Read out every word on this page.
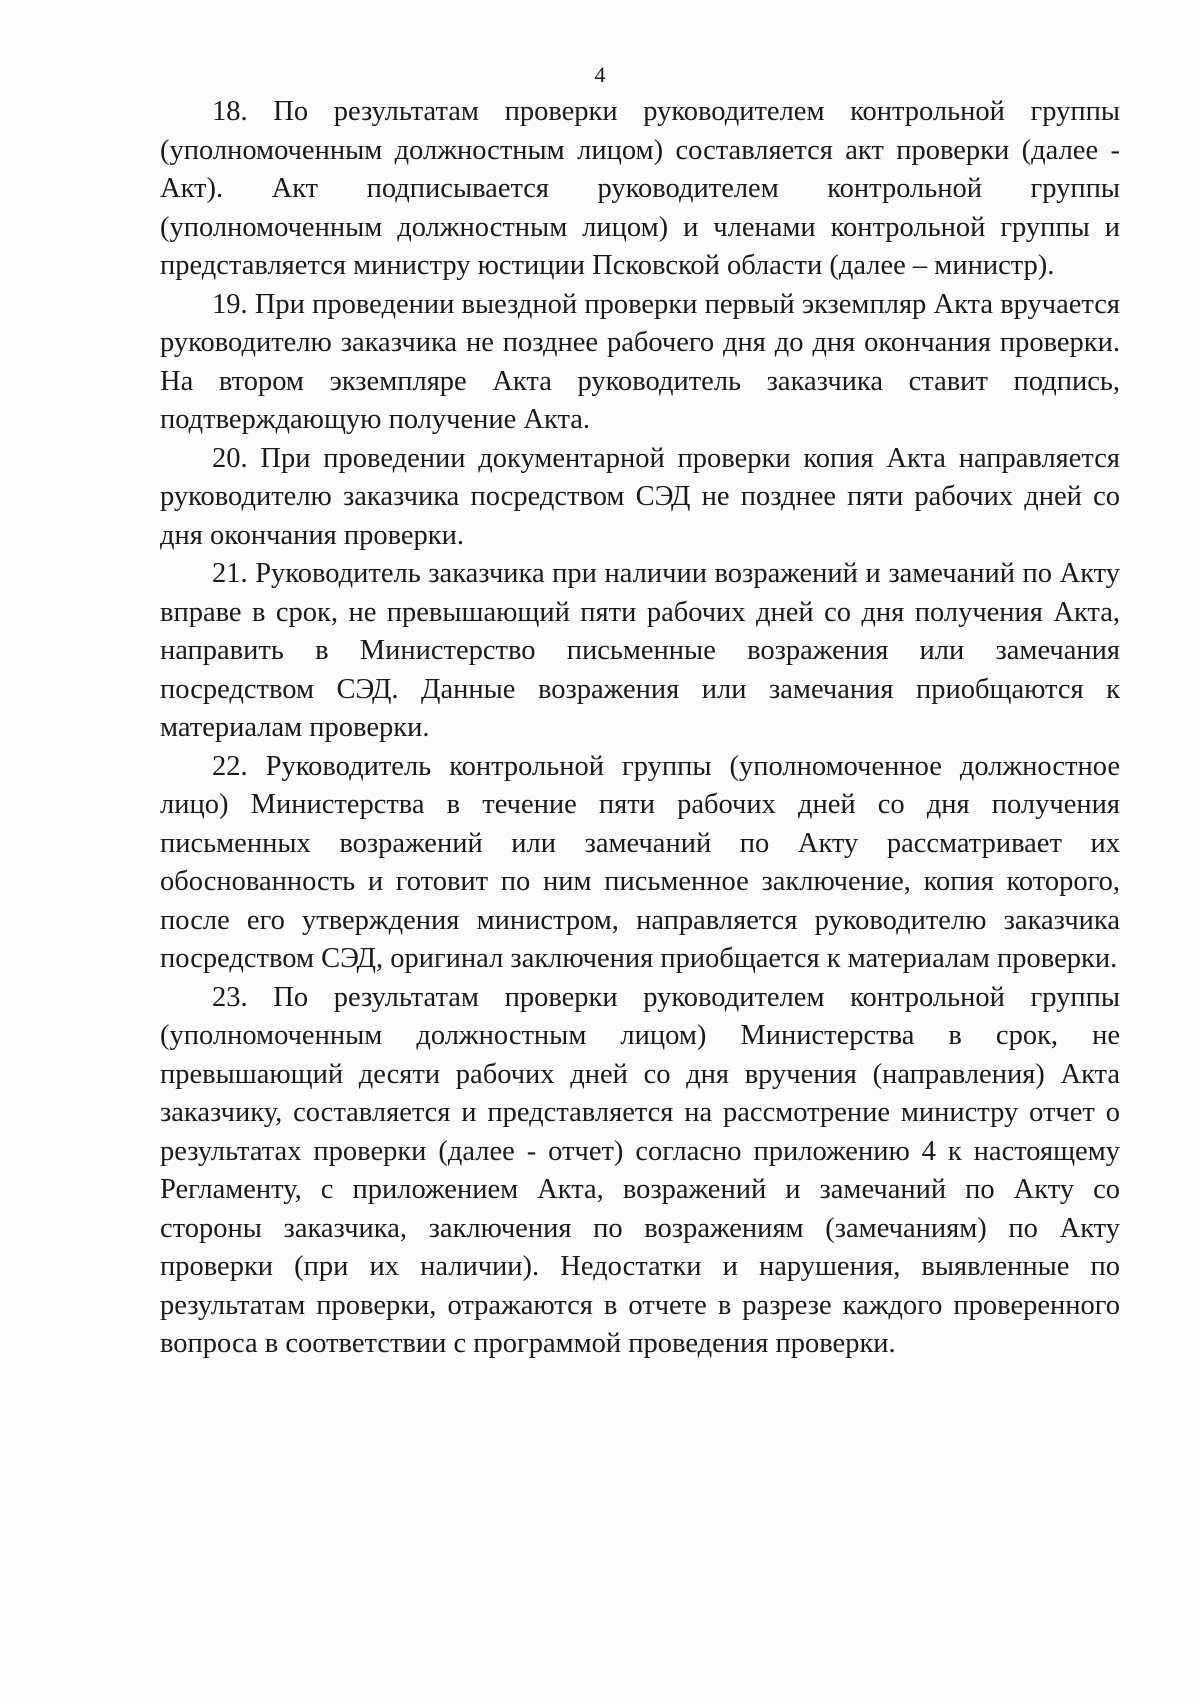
4

18. По результатам проверки руководителем контрольной группы (уполномоченным должностным лицом) составляется акт проверки (далее - Акт). Акт подписывается руководителем контрольной группы (уполномоченным должностным лицом) и членами контрольной группы и представляется министру юстиции Псковской области (далее – министр).

19. При проведении выездной проверки первый экземпляр Акта вручается руководителю заказчика не позднее рабочего дня до дня окончания проверки. На втором экземпляре Акта руководитель заказчика ставит подпись, подтверждающую получение Акта.

20. При проведении документарной проверки копия Акта направляется руководителю заказчика посредством СЭД не позднее пяти рабочих дней со дня окончания проверки.

21. Руководитель заказчика при наличии возражений и замечаний по Акту вправе в срок, не превышающий пяти рабочих дней со дня получения Акта, направить в Министерство письменные возражения или замечания посредством СЭД. Данные возражения или замечания приобщаются к материалам проверки.

22. Руководитель контрольной группы (уполномоченное должностное лицо) Министерства в течение пяти рабочих дней со дня получения письменных возражений или замечаний по Акту рассматривает их обоснованность и готовит по ним письменное заключение, копия которого, после его утверждения министром, направляется руководителю заказчика посредством СЭД, оригинал заключения приобщается к материалам проверки.

23. По результатам проверки руководителем контрольной группы (уполномоченным должностным лицом) Министерства в срок, не превышающий десяти рабочих дней со дня вручения (направления) Акта заказчику, составляется и представляется на рассмотрение министру отчет о результатах проверки (далее - отчет) согласно приложению 4 к настоящему Регламенту, с приложением Акта, возражений и замечаний по Акту со стороны заказчика, заключения по возражениям (замечаниям) по Акту проверки (при их наличии). Недостатки и нарушения, выявленные по результатам проверки, отражаются в отчете в разрезе каждого проверенного вопроса в соответствии с программой проведения проверки.
